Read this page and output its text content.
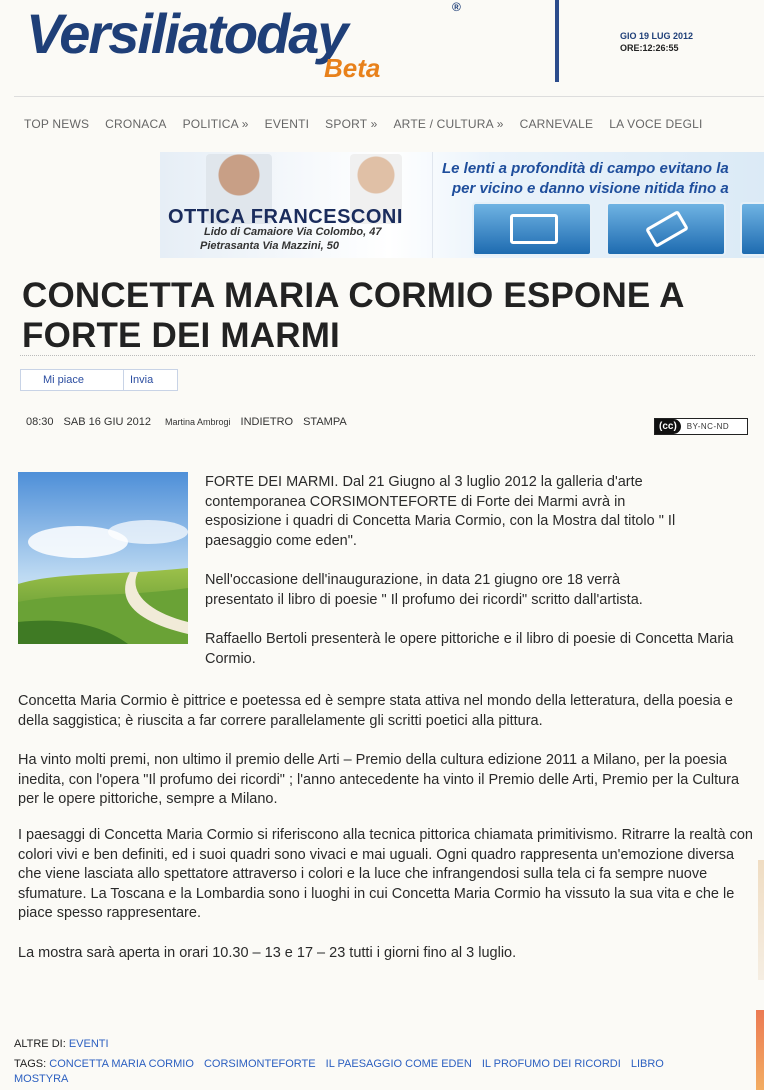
Versiliatoday
Beta
®
GIO 19 LUG 2012
ORE:12:26:55
TOP NEWS CRONACA POLITICA » EVENTI SPORT » ARTE / CULTURA » CARNEVALE LA VOCE DEGLI
OTTICA FRANCESCONI
Lido di Camaiore Via Colombo, 47
Pietrasanta Via Mazzini, 50
Le lenti a profondità di campo evitano la
per vicino e danno visione nitida fino a
CONCETTA MARIA CORMIO ESPONE A FORTE DEI MARMI
Mi piace	Invia
08:30 SAB 16 GIU 2012 Martina Ambrogi INDIETRO STAMPA	(cc)	BY-NC-ND

FORTE DEI MARMI. Dal 21 Giugno al 3 luglio 2012 la galleria d'arte contemporanea CORSIMONTEFORTE di Forte dei Marmi avrà in esposizione i quadri di Concetta Maria Cormio, con la Mostra dal titolo " Il paesaggio come eden".

Nell'occasione dell'inaugurazione, in data 21 giugno ore 18 verrà presentato il libro di poesie " Il profumo dei ricordi" scritto dall'artista.

Raffaello Bertoli presenterà le opere pittoriche e il libro di poesie di Concetta Maria Cormio.

Concetta Maria Cormio è pittrice e poetessa ed è sempre stata attiva nel mondo della letteratura, della poesia e della saggistica; è riuscita a far correre parallelamente gli scritti poetici alla pittura.

Ha vinto molti premi, non ultimo il premio delle Arti – Premio della cultura edizione 2011 a Milano, per la poesia inedita, con l'opera "Il profumo dei ricordi" ; l'anno antecedente ha vinto il Premio delle Arti, Premio per la Cultura per le opere pittoriche, sempre a Milano.

I paesaggi di Concetta Maria Cormio si riferiscono alla tecnica pittorica chiamata primitivismo. Ritrarre la realtà con colori vivi e ben definiti, ed i suoi quadri sono vivaci e mai uguali. Ogni quadro rappresenta un'emozione diversa che viene lasciata allo spettatore attraverso i colori e la luce che infrangendosi sulla tela ci fa sempre nuove sfumature. La Toscana e la Lombardia sono i luoghi in cui Concetta Maria Cormio ha vissuto la sua vita e che le piace spesso rappresentare.

La mostra sarà aperta in orari 10.30 – 13 e 17 – 23 tutti i giorni fino al 3 luglio.

ALTRE DI: EVENTI
TAGS: CONCETTA MARIA CORMIO CORSIMONTEFORTE IL PAESAGGIO COME EDEN IL PROFUMO DEI RICORDI LIBRO MOSTYRA
